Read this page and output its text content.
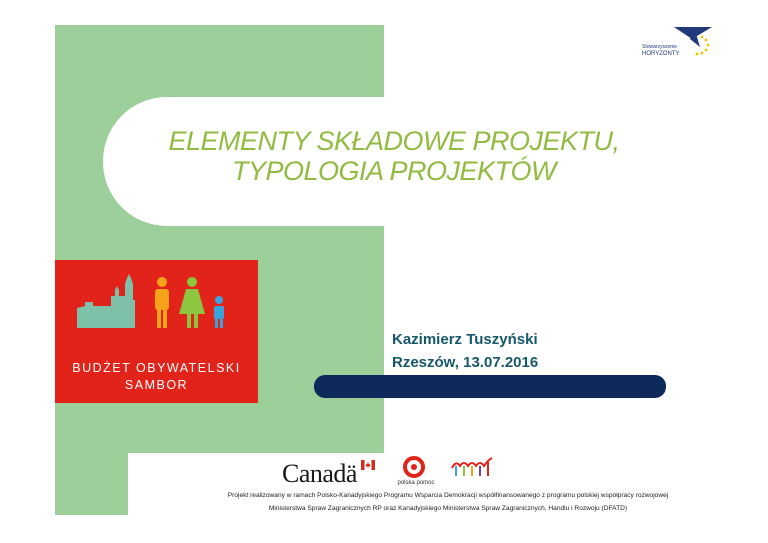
ELEMENTY SKŁADOWE PROJEKTU,
TYPOLOGIA PROJEKTÓW
Stowarzyszenie
HORYZONTY
BUDŻET OBYWATELSKI
SAMBOR
Kazimierz Tuszyński
Rzeszów, 13.07.2016
Canadä	polska pomoc
Projekt realizowany w ramach Polsko-Kanadyjskiego Programu Wsparcia Demokracji współfinansowanego z programu polskiej współpracy rozwojowej
Ministerstwa Spraw Zagranicznych RP oraz Kanadyjskiego Ministerstwa Spraw Zagranicznych, Handlu i Rozwoju (DFATD)
